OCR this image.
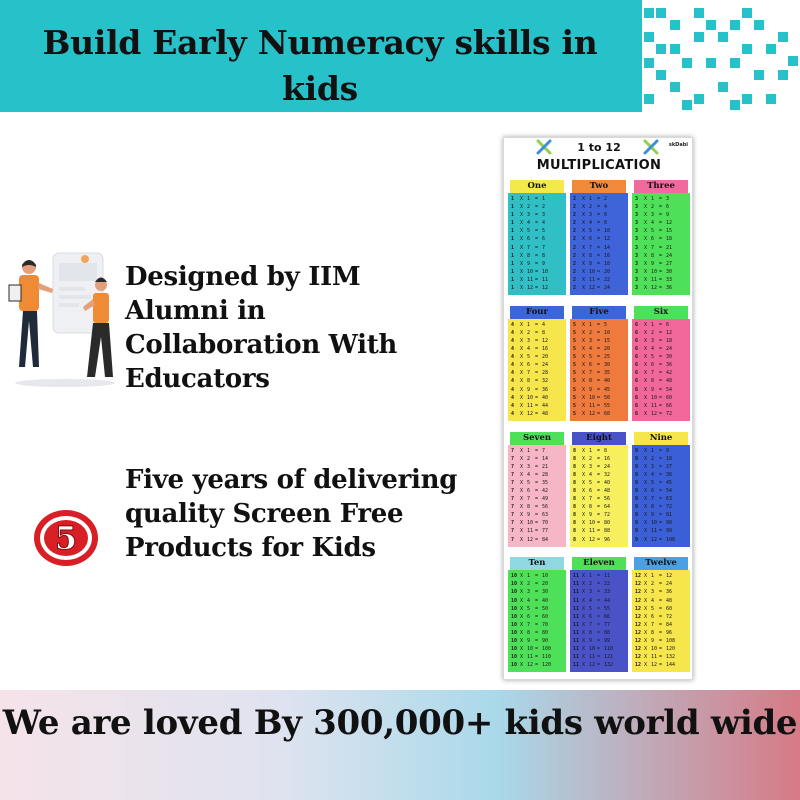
Build Early Numeracy skills in kids
Designed by IIM Alumni in Collaboration With Educators
5
Five years of delivering quality Screen Free Products for Kids
1 to 12
MULTIPLICATION
skDabi
One
1	X 1 = 1
1	X 2 = 2
1	X 3 = 3
1	X 4 = 4
1	X 5 = 5
1	X 6 = 6
1	X 7 = 7
1	X 8 = 8
1	X 9 = 9
1	X 10 = 10
1	X 11 = 11
1	X 12 = 12
Two
2	X 1 = 2
2	X 2 = 4
2	X 3 = 6
2	X 4 = 8
2	X 5 = 10
2	X 6 = 12
2	X 7 = 14
2	X 8 = 16
2	X 9 = 18
2	X 10 = 20
2	X 11 = 22
2	X 12 = 24
Three
3	X 1 = 3
3	X 2 = 6
3	X 3 = 9
3	X 4 = 12
3	X 5 = 15
3	X 6 = 18
3	X 7 = 21
3	X 8 = 24
3	X 9 = 27
3	X 10 = 30
3	X 11 = 33
3	X 12 = 36
Four
4	X 1 = 4
4	X 2 = 8
4	X 3 = 12
4	X 4 = 16
4	X 5 = 20
4	X 6 = 24
4	X 7 = 28
4	X 8 = 32
4	X 9 = 36
4	X 10 = 40
4	X 11 = 44
4	X 12 = 48
Five
5	X 1 = 5
5	X 2 = 10
5	X 3 = 15
5	X 4 = 20
5	X 5 = 25
5	X 6 = 30
5	X 7 = 35
5	X 8 = 40
5	X 9 = 45
5	X 10 = 50
5	X 11 = 55
5	X 12 = 60
Six
6	X 1 = 6
6	X 2 = 12
6	X 3 = 18
6	X 4 = 24
6	X 5 = 30
6	X 6 = 36
6	X 7 = 42
6	X 8 = 48
6	X 9 = 54
6	X 10 = 60
6	X 11 = 66
6	X 12 = 72
Seven
7	X 1 = 7
7	X 2 = 14
7	X 3 = 21
7	X 4 = 28
7	X 5 = 35
7	X 6 = 42
7	X 7 = 49
7	X 8 = 56
7	X 9 = 63
7	X 10 = 70
7	X 11 = 77
7	X 12 = 84
Eight
8	X 1 = 8
8	X 2 = 16
8	X 3 = 24
8	X 4 = 32
8	X 5 = 40
8	X 6 = 48
8	X 7 = 56
8	X 8 = 64
8	X 9 = 72
8	X 10 = 80
8	X 11 = 88
8	X 12 = 96
Nine
9	X 1 = 9
9	X 2 = 18
9	X 3 = 27
9	X 4 = 36
9	X 5 = 45
9	X 6 = 54
9	X 7 = 63
9	X 8 = 72
9	X 9 = 81
9	X 10 = 90
9	X 11 = 99
9	X 12 = 108
Ten
10 X 1 = 10
10 X 2 = 20
10 X 3 = 30
10 X 4 = 40
10 X 5 = 50
10 X 6 = 60
10 X 7 = 70
10 X 8 = 80
10 X 9 = 90
10 X 10 = 100
10 X 11 = 110
10 X 12 = 120
Eleven
11 X 1 = 11
11 X 2 = 22
11 X 3 = 33
11 X 4 = 44
11 X 5 = 55
11 X 6 = 66
11 X 7 = 77
11 X 8 = 88
11 X 9 = 99
11 X 10 = 110
11 X 11 = 121
11 X 12 = 132
Twelve
12 X 1 = 12
12 X 2 = 24
12 X 3 = 36
12 X 4 = 48
12 X 5 = 60
12 X 6 = 72
12 X 7 = 84
12 X 8 = 96
12 X 9 = 108
12 X 10 = 120
12 X 11 = 132
12 X 12 = 144
We are loved By 300,000+ kids world wide
